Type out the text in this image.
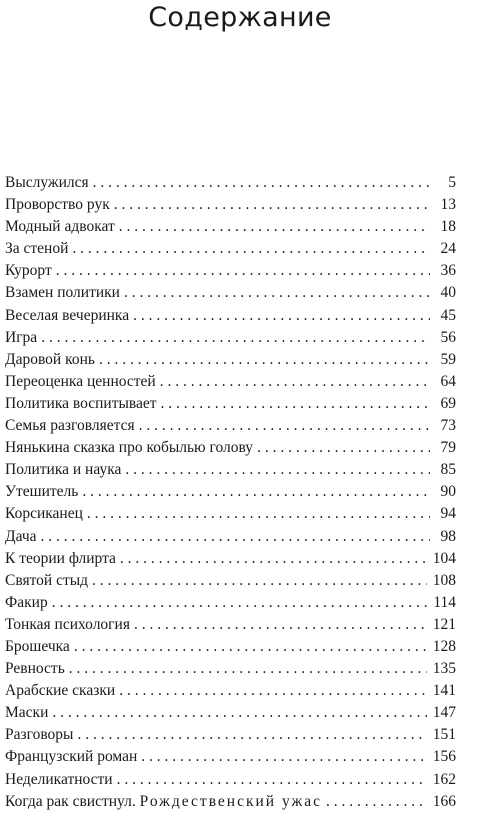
Содержание
Выслужился . . .	5
Проворство рук . . .	13
Модный адвокат . . .	18
За стеной . . .	24
Курорт . . .	36
Взамен политики . . .	40
Веселая вечеринка . . .	45
Игра . . .	56
Даровой конь . . .	59
Переоценка ценностей . . .	64
Политика воспитывает . . .	69
Семья разговляется . . .	73
Нянькина сказка про кобылью голову . . .	79
Политика и наука . . .	85
Утешитель . . .	90
Корсиканец . . .	94
Дача . . .	98
К теории флирта . . .	104
Святой стыд . . .	108
Факир . . .	114
Тонкая психология . . .	121
Брошечка . . .	128
Ревность . . .	135
Арабские сказки . . .	141
Маски . . .	147
Разговоры . . .	151
Французский роман . . .	156
Неделикатности . . .	162
Когда рак свистнул. Рождественский ужас . . .	166
